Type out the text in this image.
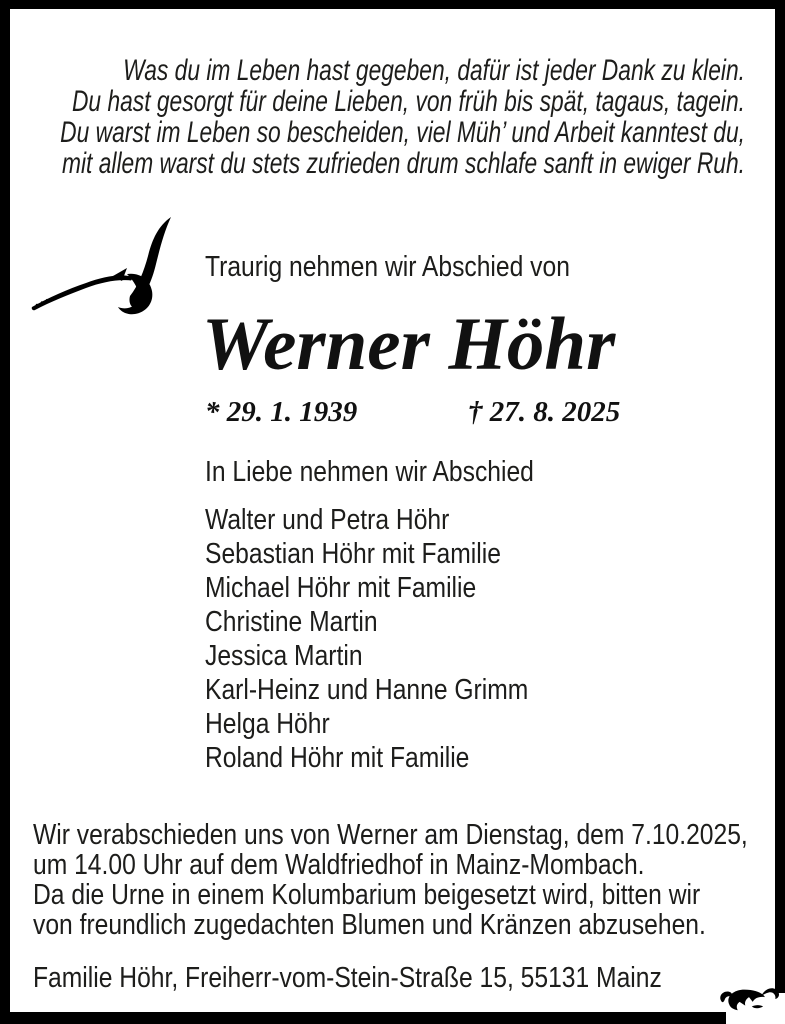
Was du im Leben hast gegeben, dafür ist jeder Dank zu klein.
Du hast gesorgt für deine Lieben, von früh bis spät, tagaus, tagein.
Du warst im Leben so bescheiden, viel Müh’ und Arbeit kanntest du,
mit allem warst du stets zufrieden drum schlafe sanft in ewiger Ruh.
Traurig nehmen wir Abschied von
Werner Höhr
* 29. 1. 1939	† 27. 8. 2025
In Liebe nehmen wir Abschied
Walter und Petra Höhr
Sebastian Höhr mit Familie
Michael Höhr mit Familie
Christine Martin
Jessica Martin
Karl-Heinz und Hanne Grimm
Helga Höhr
Roland Höhr mit Familie
Wir verabschieden uns von Werner am Dienstag, dem 7.10.2025,
um 14.00 Uhr auf dem Waldfriedhof in Mainz-Mombach.
Da die Urne in einem Kolumbarium beigesetzt wird, bitten wir
von freundlich zugedachten Blumen und Kränzen abzusehen.
Familie Höhr, Freiherr-vom-Stein-Straße 15, 55131 Mainz
